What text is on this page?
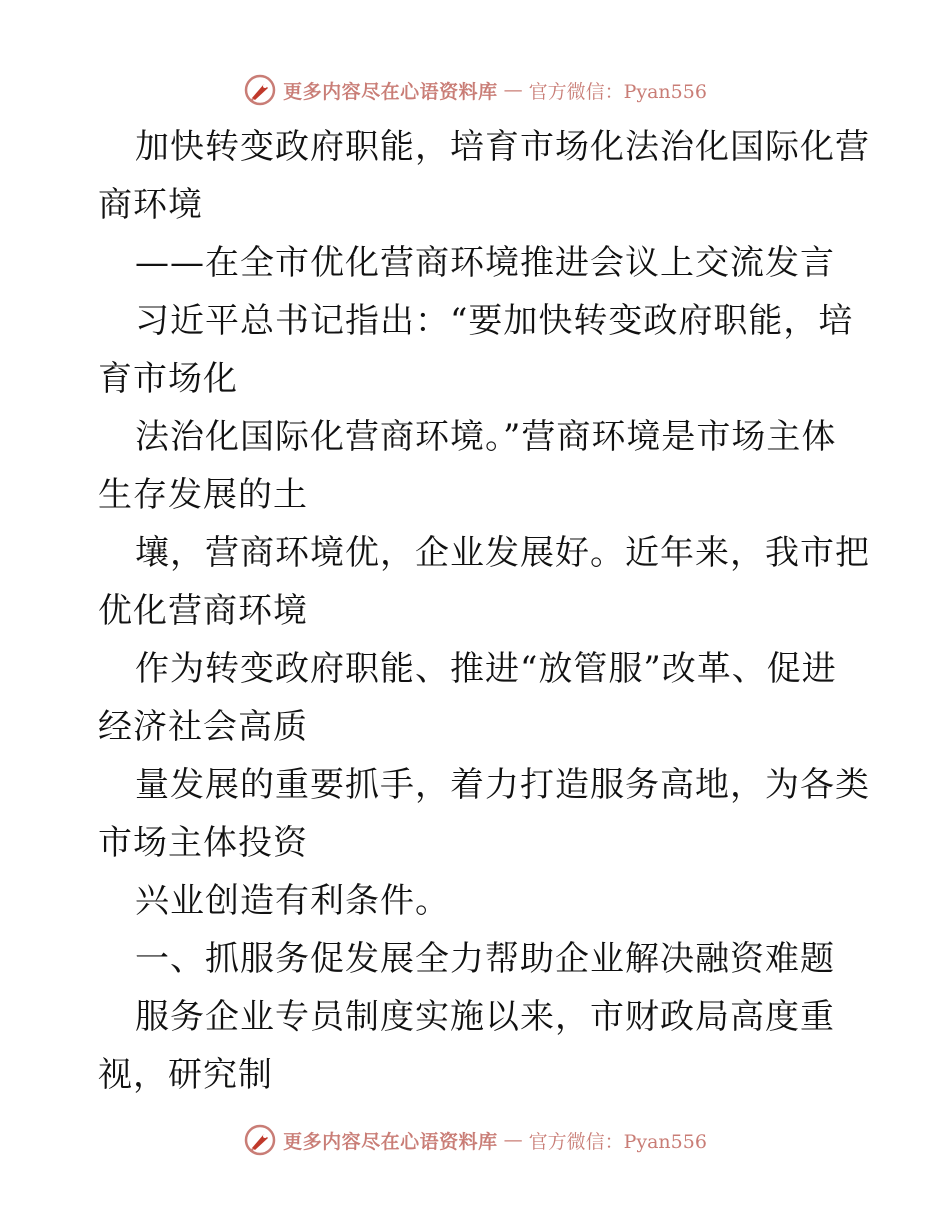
更多内容尽在心语资料库 — 官方微信：Pyan556
加快转变政府职能，培育市场化法治化国际化营
商环境
——在全市优化营商环境推进会议上交流发言
习近平总书记指出：“要加快转变政府职能，培
育市场化
法治化国际化营商环境。”营商环境是市场主体
生存发展的土
壤，营商环境优，企业发展好。近年来，我市把
优化营商环境
作为转变政府职能、推进“放管服”改革、促进
经济社会高质
量发展的重要抓手，着力打造服务高地，为各类
市场主体投资
兴业创造有利条件。
一、抓服务促发展全力帮助企业解决融资难题
服务企业专员制度实施以来，市财政局高度重
视，研究制
更多内容尽在心语资料库 — 官方微信：Pyan556
